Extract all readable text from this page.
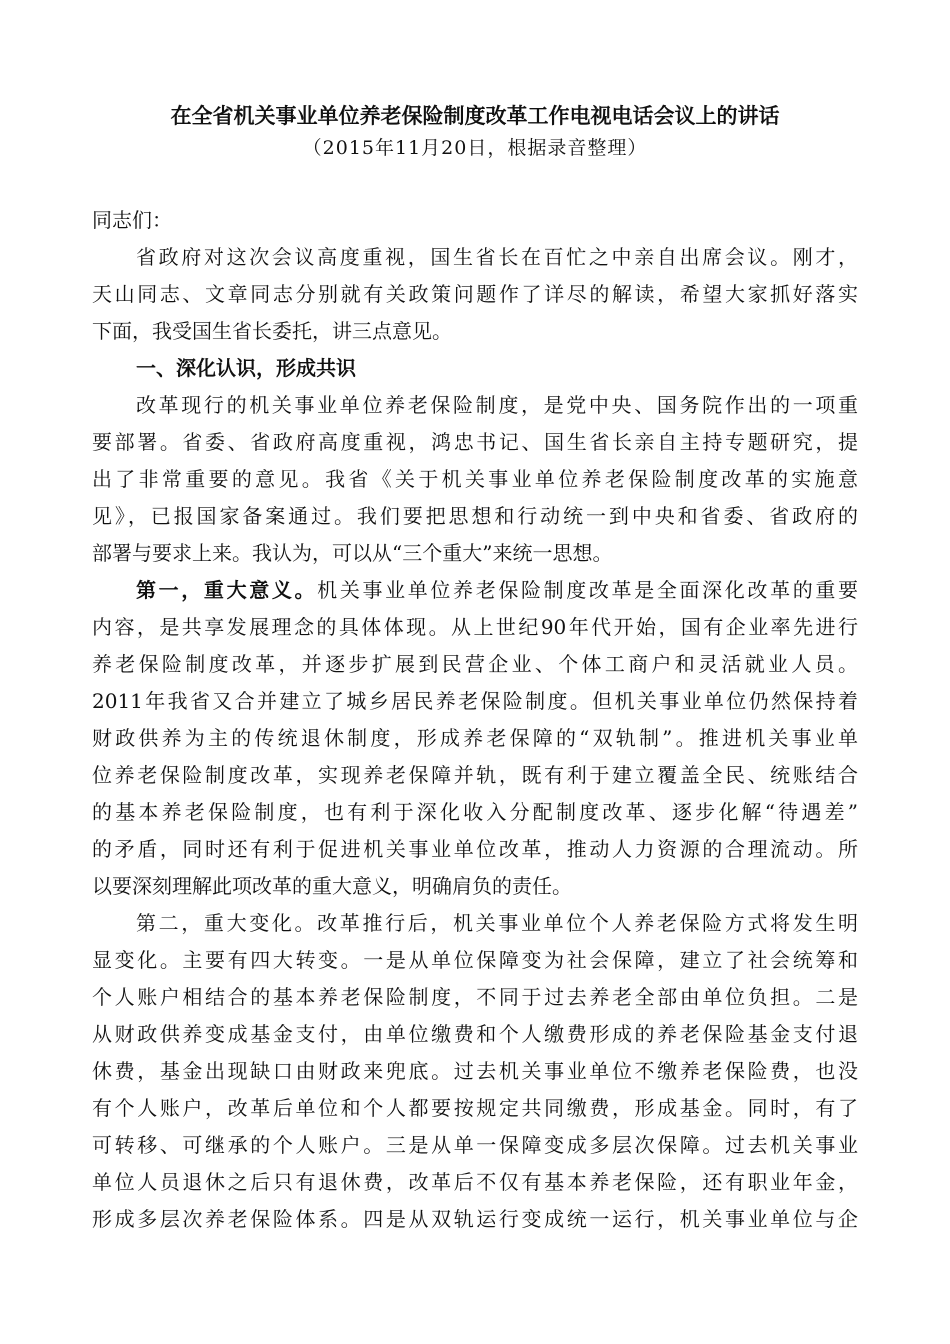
在全省机关事业单位养老保险制度改革工作电视电话会议上的讲话
（2015年11月20日，根据录音整理）
同志们：
省政府对这次会议高度重视，国生省长在百忙之中亲自出席会议。刚才，
天山同志、文章同志分别就有关政策问题作了详尽的解读，希望大家抓好落实
下面，我受国生省长委托，讲三点意见。
一、深化认识，形成共识
改革现行的机关事业单位养老保险制度，是党中央、国务院作出的一项重
要部署。省委、省政府高度重视，鸿忠书记、国生省长亲自主持专题研究，提
出了非常重要的意见。我省《关于机关事业单位养老保险制度改革的实施意
见》，已报国家备案通过。我们要把思想和行动统一到中央和省委、省政府的
部署与要求上来。我认为，可以从“三个重大”来统一思想。
第一，重大意义。机关事业单位养老保险制度改革是全面深化改革的重要
内容，是共享发展理念的具体体现。从上世纪90年代开始，国有企业率先进行
养老保险制度改革，并逐步扩展到民营企业、个体工商户和灵活就业人员。
2011年我省又合并建立了城乡居民养老保险制度。但机关事业单位仍然保持着
财政供养为主的传统退休制度，形成养老保障的“双轨制”。推进机关事业单
位养老保险制度改革，实现养老保障并轨，既有利于建立覆盖全民、统账结合
的基本养老保险制度，也有利于深化收入分配制度改革、逐步化解“待遇差”
的矛盾，同时还有利于促进机关事业单位改革，推动人力资源的合理流动。所
以要深刻理解此项改革的重大意义，明确肩负的责任。
第二，重大变化。改革推行后，机关事业单位个人养老保险方式将发生明
显变化。主要有四大转变。一是从单位保障变为社会保障，建立了社会统筹和
个人账户相结合的基本养老保险制度，不同于过去养老全部由单位负担。二是
从财政供养变成基金支付，由单位缴费和个人缴费形成的养老保险基金支付退
休费，基金出现缺口由财政来兜底。过去机关事业单位不缴养老保险费，也没
有个人账户，改革后单位和个人都要按规定共同缴费，形成基金。同时，有了
可转移、可继承的个人账户。三是从单一保障变成多层次保障。过去机关事业
单位人员退休之后只有退休费，改革后不仅有基本养老保险，还有职业年金，
形成多层次养老保险体系。四是从双轨运行变成统一运行，机关事业单位与企
